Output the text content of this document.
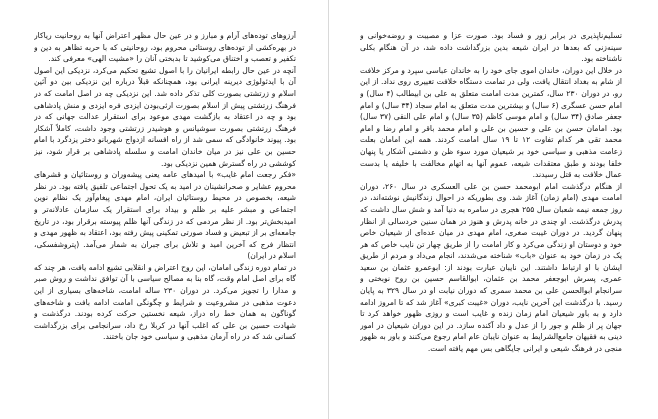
تسلیم‌ناپذیری در برابر زور و فساد بود. صورت عزا و مصیبت و روضه‌خوانی و سینه‌زنی که بعدها در ایران شیعه بدین بزرگداشت داده شد، در آن هنگام بکلی ناشناخته بود.

در خلال این دوران، خاندان اموی جای خود را به خاندان عباسی سپرد و مرکز خلافت از شام به بغداد انتقال یافت، ولی در تمامت دستگاه خلافت تغییری روی نداد. از این رو، در دوران ۲۳۰ سال، کمترین مدت امامت متعلق به علی بن ابیطالب (۴ سال) و امام حسن عسگری (۶ سال) و بیشترین مدت متعلق به امام سجاد (۳۴ سال) و امام جعفر صادق (۳۴ سال) و امام موسی کاظم (۳۵ سال) و امام علی النقی (۳۷ سال) بود. امامان حسن بن علی و حسین بن علی و امام محمد باقر و امام رضا و امام محمد تقی هر کدام تفاوت ۱۲ تا ۱۹ سال امامت کردند. همه این امامان بعلت زعامت مذهبی و سیاسی خود بر شیعیان مورد سوء ظن و دشمنی آشکار یا پنهان خلفا بودند و طبق معتقدات شیعه، عموم آنها به اتهام مخالفت با خلیفه یا بدست عمال خلافت به قتل رسیدند.

از هنگام درگذشت امام ابومحمد حسن بن علی العسکری در سال ۲۶۰، دوران امامت مهدی (امام زمان) آغاز شد. وی بطوریکه در احوال زندگانیش نوشته‌اند، در روز جمعه نیمه شعبان سال ۲۵۵ هجری در سامره به دنیا آمد و شش سال داشت که پدرش درگذشت. او چندی در خانه پدرش و هنوز در همان سنین خردسالی از انظار پنهان گردید. در دوران غیبت صغری، امام مهدی در میان عده‌ای از شیعیان خاص خود و دوستان او زندگی می‌کرد و کار امامت را از طریق چهار تن نایب خاص که هر یک در زمان خود به عنوان «باب» شناخته می‌شدند، انجام می‌داد و مردم از طریق ایشان با او ارتباط داشتند. این نایبان عبارت بودند از: ابوعمرو عثمان بن سعید عمری، پسرش ابوجعفر محمد بن عثمان، ابوالقاسم حسین بن روح نوبختی و سرانجام ابوالحسن علی بن محمد سمری که دوران نیابت او در سال ۳۲۹ به پایان رسید. با درگذشت این آخرین نایب، دوران «غیبت کبری» آغاز شد که تا امروز ادامه دارد و به باور شیعیان امام زمان زنده و غایب است و روزی ظهور خواهد کرد تا جهان پر از ظلم و جور را از عدل و داد آکنده سازد. در این دوران شیعیان در امور دینی به فقیهان جامع‌الشرایط به عنوان نایبان عام امام رجوع می‌کنند و باور به ظهور منجی در فرهنگ شیعی و ایرانی جایگاهی بس مهم یافته است.

آرزوهای توده‌های آرام و مبارز و در عین حال مظهر اعتراض آنها به روحانیت ریاکار در بهره‌کشی از توده‌های روستائی محروم بود، روحانیتی که با حربه تظاهر به دین و تکفیر و تعصب و اختناق می‌کوشید تا بدبختی آنان را «مشیت الهی» معرفی کند.

آنچه در عین حال رابطه ایرانیان را با اصول تشیع تحکیم می‌کرد، نزدیکی این اصول آن با ایدئولوژی دیرینه ایرانی بود، همچنانکه قبلاً درباره این نزدیکی بین دو آئین اسلام و زرتشتی بصورت کلی تذکر داده شد. این نزدیکی چه در اصل امامت که در فرهنگ زرتشتی پیش از اسلام بصورت ارثی‌بودن ایزدی فره ایزدی و منش پادشاهی بود و چه در اعتقاد به بازگشت مهدی موعود برای استقرار عدالت جهانی که در فرهنگ زرتشتی بصورت سوشیانس و هوشیدر زرتشتی وجود داشت، کاملاً آشکار بود. پیوند خانوادگی که سمی شد از راه افسانه ازدواج شهربانو دختر یزدگرد با امام حسین بن علی نیز در میان خاندان امامت و سلسله پادشاهی بر قرار شود، نیز کوششی در راه گسترش همین نزدیکی بود.

«فکر رجعت امام غایب» با امیدهای عامه یعنی پیشه‌وران و روستائیان و قشرهای محروم عشایر و صحرانشینان در امید به یک تحول اجتماعی تلفیق یافته بود. در نظر شیعه، بخصوص در محیط روستائیان ایران، امام مهدی پیغام‌آور یک نظام نوین اجتماعی و مبشر علیه بر ظلم و بیداد برای استقرار یک سازمان عادلانه‌تر و امیدبخش‌تر بود. از نظر مردمی که در زندگی آنها ظلم پیوسته برقرار بود، در تاریخ جامعه‌ای بر از تبعیض و فساد صورتی تمکینی پیش رفته بود، اعتقاد به ظهور مهدی و انتظار فرج که آخرین امید و تلاش برای جبران به شمار می‌آمد. (پتروشفسکی، اسلام در ایران)

در تمام دوره زندگی امامان، این روح اعتراض و انقلابی تشیع ادامه یافت، هر چند که گاه برای اصل امام وقت، گاه بنا به مصالح سیاسی با آن توافق نداشت و روش صبر و مدارا را تجویز می‌کرد. در دوران ۲۳۰ ساله امامت، شاخه‌های بسیاری از این دعوت مذهبی در مشروعیت و شرایط و چگونگی امامت ادامه بافت و شاخه‌های گوناگون به همان خط راه دراز، شیعه نخستین حرکت کرده بودند. درگذشت و شهادت حسین بن علی که اغلب آنها در کربلا رخ داد، سرانجامی برای بزرگداشت کسانی شد که در راه آرمان مذهبی و سیاسی خود جان باختند.
